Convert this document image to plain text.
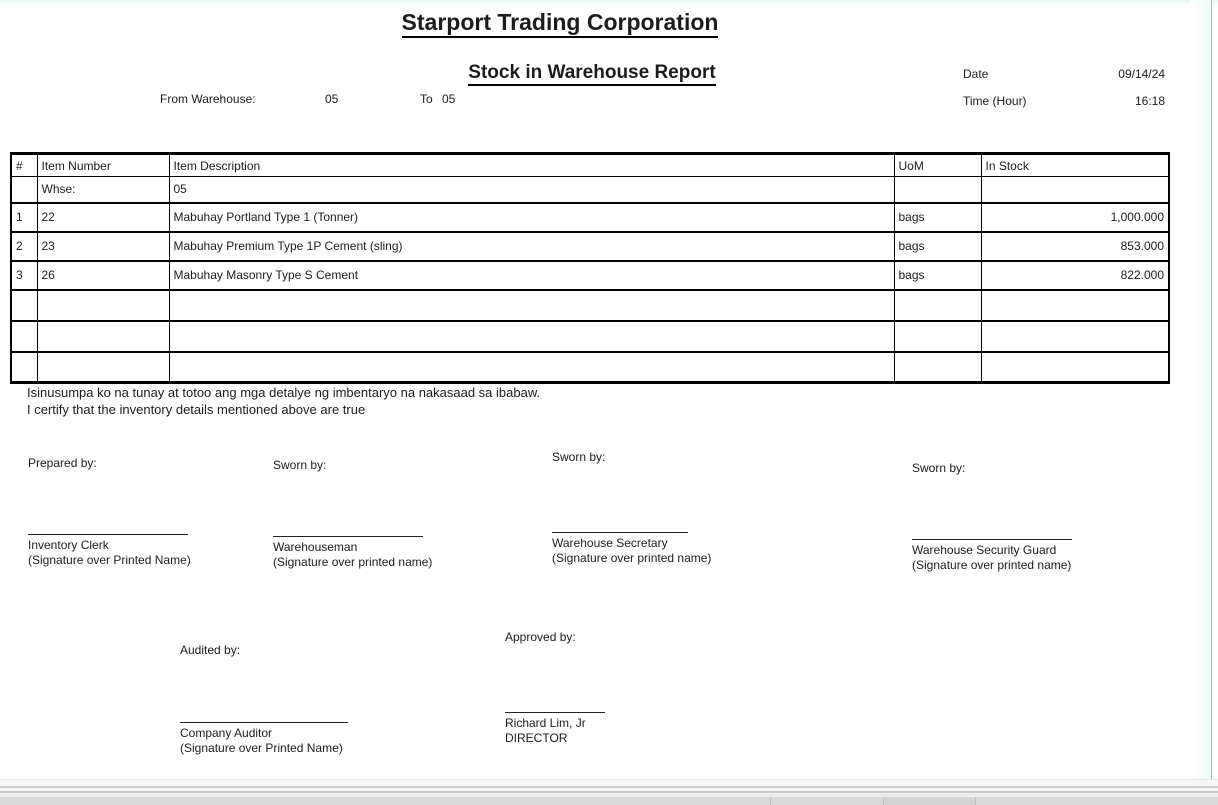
Starport Trading Corporation
Stock in Warehouse Report
From Warehouse:	05	To 05
Date	09/14/24
Time (Hour)	16:18
#	Item Number	Item Description	UoM	In Stock
	Whse:	05		
1	22	Mabuhay Portland Type 1 (Tonner)	bags	1,000.000
2	23	Mabuhay Premium Type 1P Cement (sling)	bags	853.000
3	26	Mabuhay Masonry Type S Cement	bags	822.000

Isinusumpa ko na tunay at totoo ang mga detalye ng imbentaryo na nakasaad sa ibabaw.
I certify that the inventory details mentioned above are true
Prepared by:
Inventory Clerk
(Signature over Printed Name)
Sworn by:
Warehouseman
(Signature over printed name)
Sworn by:
Warehouse Secretary
(Signature over printed name)
Sworn by:
Warehouse Security Guard
(Signature over printed name)
Audited by:
Company Auditor
(Signature over Printed Name)
Approved by:
Richard Lim, Jr
DIRECTOR
